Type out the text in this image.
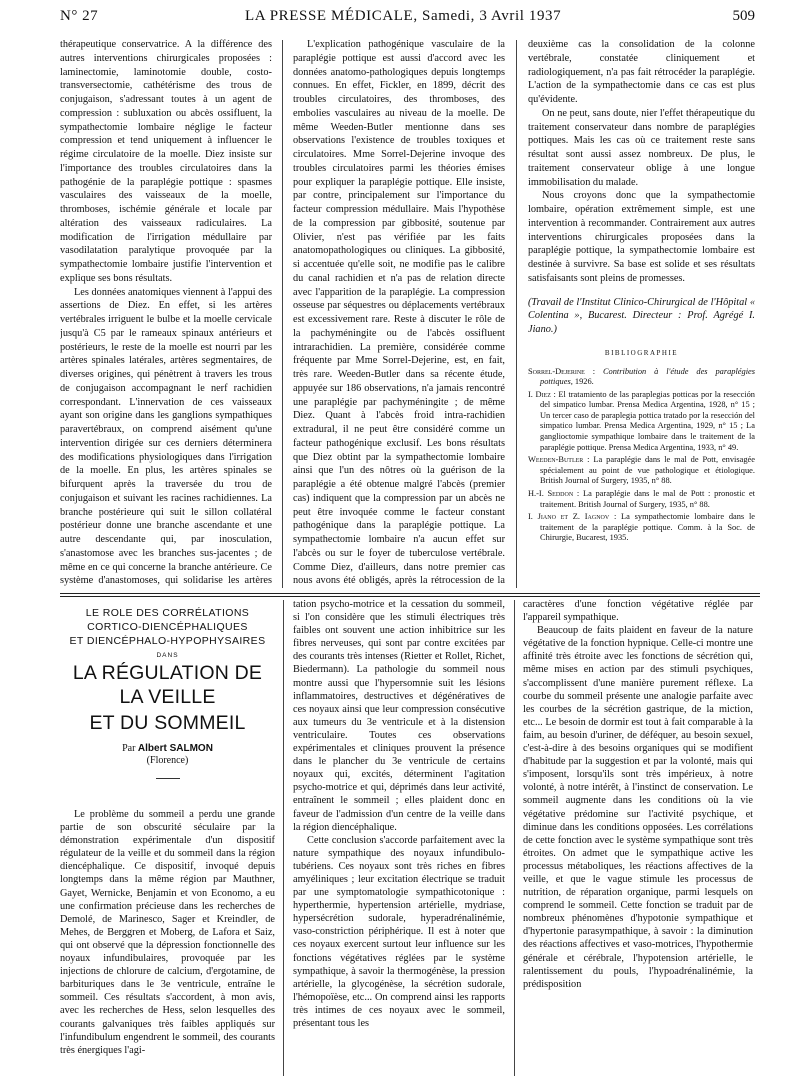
N° 27	LA PRESSE MÉDICALE, Samedi, 3 Avril 1937	509

thérapeutique conservatrice. A la différence des autres interventions chirurgicales proposées : laminectomie, laminotomie double, costo-transversectomie, cathétérisme des trous de conjugaison, s'adressant toutes à un agent de compression : subluxation ou abcès ossifluent, la sympathectomie lombaire néglige le facteur compression et tend uniquement à influencer le régime circulatoire de la moelle. Diez insiste sur l'importance des troubles circulatoires dans la pathogénie de la paraplégie pottique : spasmes vasculaires des vaisseaux de la moelle, thromboses, ischémie générale et locale par altération des vaisseaux radiculaires. La modification de l'irrigation médullaire par vasodilatation paralytique provoquée par la sympathectomie lombaire justifie l'intervention et explique ses bons résultats.

Les données anatomiques viennent à l'appui des assertions de Diez. En effet, si les artères vertébrales irriguent le bulbe et la moelle cervicale jusqu'à C5 par le rameaux spinaux antérieurs et postérieurs, le reste de la moelle est nourri par les artères spinales latérales, artères segmentaires, de diverses origines, qui pénètrent à travers les trous de conjugaison accompagnant le nerf rachidien correspondant. L'innervation de ces vaisseaux ayant son origine dans les ganglions sympathiques paravertébraux, on comprend aisément qu'une intervention dirigée sur ces derniers déterminera des modifications physiologiques dans l'irrigation de la moelle. En plus, les artères spinales se bifurquent après la traversée du trou de conjugaison et suivant les racines rachidiennes. La branche postérieure qui suit le sillon collatéral postérieur donne une branche ascendante et une autre descendante qui, par inosculation, s'anastomose avec les branches sus-jacentes ; de même en ce qui concerne la branche antérieure. Ce système d'anastomoses, qui solidarise les artères

L'explication pathogénique vasculaire de la paraplégie pottique est aussi d'accord avec les données anatomo-pathologiques depuis longtemps connues. En effet, Fickler, en 1899, décrit des troubles circulatoires, des thromboses, des embolies vasculaires au niveau de la moelle. De même Weeden-Butler mentionne dans ses observations l'existence de troubles toxiques et circulatoires. Mme Sorrel-Dejerine invoque des troubles circulatoires parmi les théories émises pour expliquer la paraplégie pottique. Elle insiste, par contre, principalement sur l'importance du facteur compression médullaire. Mais l'hypothèse de la compression par gibbosité, soutenue par Olivier, n'est pas vérifiée par les faits anatomopathologiques ou cliniques. La gibbosité, si accentuée qu'elle soit, ne modifie pas le calibre du canal rachidien et n'a pas de relation directe avec l'apparition de la paraplégie. La compression osseuse par séquestres ou déplacements vertébraux est excessivement rare. Reste à discuter le rôle de la pachyméningite ou de l'abcès ossifluent intrarachidien. La première, considérée comme fréquente par Mme Sorrel-Dejerine, est, en fait, très rare. Weeden-Butler dans sa récente étude, appuyée sur 186 observations, n'a jamais rencontré une paraplégie par pachyméningite ; de même Diez. Quant à l'abcès froid intra-rachidien extradural, il ne peut être considéré comme un facteur pathogénique exclusif. Les bons résultats que Diez obtint par la sympathectomie lombaire ainsi que l'un des nôtres où la guérison de la paraplégie a été obtenue malgré l'abcès (premier cas) indiquent que la compression par un abcès ne peut être invoquée comme le facteur constant pathogénique dans la paraplégie pottique. La sympathectomie lombaire n'a aucun effet sur l'abcès ou sur le foyer de tuberculose vertébrale. Comme Diez, d'ailleurs, dans notre premier cas nous avons été obligés, après la rétrocession de la

deuxième cas la consolidation de la colonne vertébrale, constatée cliniquement et radiologiquement, n'a pas fait rétrocéder la paraplégie. L'action de la sympathectomie dans ce cas est plus qu'évidente.

On ne peut, sans doute, nier l'effet thérapeutique du traitement conservateur dans nombre de paraplégies pottiques. Mais les cas où ce traitement reste sans résultat sont aussi assez nombreux. De plus, le traitement conservateur oblige à une longue immobilisation du malade.

Nous croyons donc que la sympathectomie lombaire, opération extrêmement simple, est une intervention à recommander. Contrairement aux autres interventions chirurgicales proposées dans la paraplégie pottique, la sympathectomie lombaire est destinée à survivre. Sa base est solide et ses résultats satisfaisants sont pleins de promesses.

(Travail de l'Institut Clinico-Chirurgical de l'Hôpital « Colentina », Bucarest. Directeur : Prof. Agrégé I. Jiano.)

BIBLIOGRAPHIE

Sorrel-Dejerine : Contribution à l'étude des paraplégies pottiques, 1926.

I. Diez : El tratamiento de las paraplegias potticas por la resección del simpatico lumbar. Prensa Medica Argentina, 1928, n° 15 ; Un tercer caso de paraplegia pottica tratado por la resección del simpatico lumbar. Prensa Medica Argentina, 1929, n° 15 ; La ganglioctomie sympathique lombaire dans le traitement de la paraplégie pottique. Prensa Medica Argentina, 1933, n° 49.

Weeden-Butler : La paraplégie dans le mal de Pott, envisagée spécialement au point de vue pathologique et étiologique. British Journal of Surgery, 1935, n° 88.

H.-I. Seddon : La paraplégie dans le mal de Pott : pronostic et traitement. British Journal of Surgery, 1935, n° 88.

I. Jiano et Z. Iagnov : La sympathectomie lombaire dans le traitement de la paraplégie pottique. Comm. à la Soc. de Chirurgie, Bucarest, 1935.

LE ROLE DES CORRÉLATIONS
CORTICO-DIENCÉPHALIQUES
ET DIENCÉPHALO-HYPOPHYSAIRES
DANS
LA RÉGULATION DE LA VEILLE
ET DU SOMMEIL
Par Albert SALMON
(Florence)

Le problème du sommeil a perdu une grande partie de son obscurité séculaire par la démonstration expérimentale d'un dispositif régulateur de la veille et du sommeil dans la région diencéphalique. Ce dispositif, invoqué depuis longtemps dans la même région par Mauthner, Gayet, Wernicke, Benjamin et von Economo, a eu une confirmation précieuse dans les recherches de Demolé, de Marinesco, Sager et Kreindler, de Mehes, de Berggren et Moberg, de Lafora et Saiz, qui ont observé que la dépression fonctionnelle des noyaux infundibulaires, provoquée par les injections de chlorure de calcium, d'ergotamine, de barbituriques dans le 3e ventricule, entraîne le sommeil. Ces résultats s'accordent, à mon avis, avec les recherches de Hess, selon lesquelles des courants galvaniques très faibles appliqués sur l'infundibulum engendrent le sommeil, des courants très énergiques l'agi-

tation psycho-motrice et la cessation du sommeil, si l'on considère que les stimuli électriques très faibles ont souvent une action inhibitrice sur les fibres nerveuses, qui sont par contre excitées par des courants très intenses (Rietter et Rollet, Richet, Biedermann). La pathologie du sommeil nous montre aussi que l'hypersomnie suit les lésions inflammatoires, destructives et dégénératives de ces noyaux ainsi que leur compression consécutive aux tumeurs du 3e ventricule et à la distension ventriculaire. Toutes ces observations expérimentales et cliniques prouvent la présence dans le plancher du 3e ventricule de certains noyaux qui, excités, déterminent l'agitation psycho-motrice et qui, déprimés dans leur activité, entraînent le sommeil ; elles plaident donc en faveur de l'admission d'un centre de la veille dans la région diencéphalique.

Cette conclusion s'accorde parfaitement avec la nature sympathique des noyaux infundibulo-tubériens. Ces noyaux sont très riches en fibres amyéliniques ; leur excitation électrique se traduit par une symptomatologie sympathicotonique : hyperthermie, hypertension artérielle, mydriase, hypersécrétion sudorale, hyperadrénalinémie, vaso-constriction périphérique. Il est à noter que ces noyaux exercent surtout leur influence sur les fonctions végétatives réglées par le système sympathique, à savoir la thermogénèse, la pression artérielle, la glycogénèse, la sécrétion sudorale, l'hémopoïèse, etc... On comprend ainsi les rapports très intimes de ces noyaux avec le sommeil, présentant tous les

caractères d'une fonction végétative réglée par l'appareil sympathique.

Beaucoup de faits plaident en faveur de la nature végétative de la fonction hypnique. Celle-ci montre une affinité très étroite avec les fonctions de sécrétion qui, même mises en action par des stimuli psychiques, s'accomplissent d'une manière purement réflexe. La courbe du sommeil présente une analogie parfaite avec les courbes de la sécrétion gastrique, de la miction, etc... Le besoin de dormir est tout à fait comparable à la faim, au besoin d'uriner, de déféquer, au besoin sexuel, c'est-à-dire à des besoins organiques qui se modifient d'habitude par la suggestion et par la volonté, mais qui s'imposent, lorsqu'ils sont très impérieux, à notre volonté, à notre intérêt, à l'instinct de conservation. Le sommeil augmente dans les conditions où la vie végétative prédomine sur l'activité psychique, et diminue dans les conditions opposées. Les corrélations de cette fonction avec le système sympathique sont très étroites. On admet que le sympathique active les processus métaboliques, les réactions affectives de la veille, et que le vague stimule les processus de nutrition, de réparation organique, parmi lesquels on comprend le sommeil. Cette fonction se traduit par de nombreux phénomènes d'hypotonie sympathique et d'hypertonie parasympathique, à savoir : la diminution des réactions affectives et vaso-motrices, l'hypothermie générale et cérébrale, l'hypotension artérielle, le ralentissement du pouls, l'hypoadrénalinémie, la prédisposition
